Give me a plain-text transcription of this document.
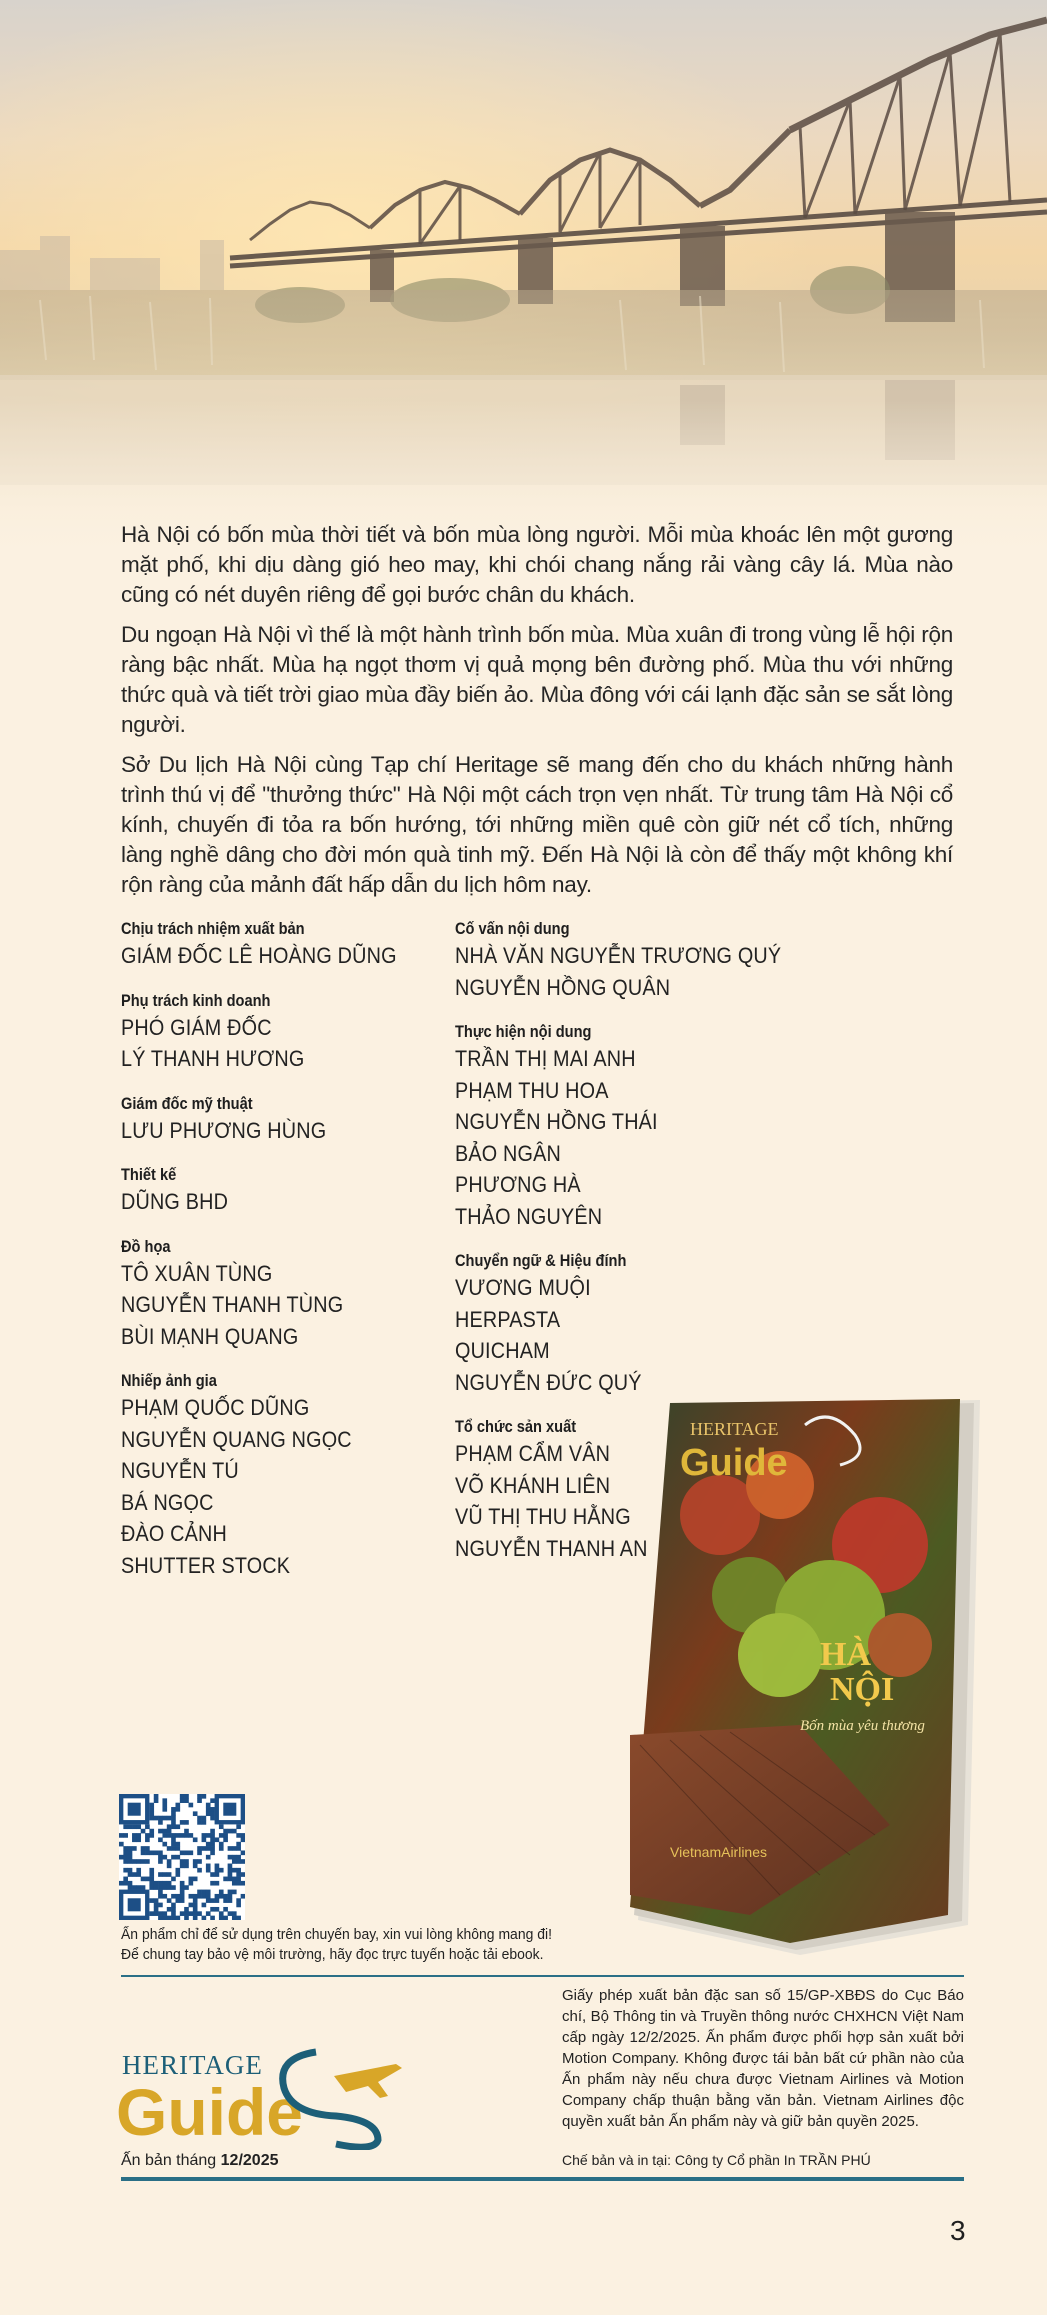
Hà Nội có bốn mùa thời tiết và bốn mùa lòng người. Mỗi mùa khoác lên một gương mặt phố, khi dịu dàng gió heo may, khi chói chang nắng rải vàng cây lá. Mùa nào cũng có nét duyên riêng để gọi bước chân du khách.

Du ngoạn Hà Nội vì thế là một hành trình bốn mùa. Mùa xuân đi trong vùng lễ hội rộn ràng bậc nhất. Mùa hạ ngọt thơm vị quả mọng bên đường phố. Mùa thu với những thức quà và tiết trời giao mùa đầy biến ảo. Mùa đông với cái lạnh đặc sản se sắt lòng người.

Sở Du lịch Hà Nội cùng Tạp chí Heritage sẽ mang đến cho du khách những hành trình thú vị để "thưởng thức" Hà Nội một cách trọn vẹn nhất. Từ trung tâm Hà Nội cổ kính, chuyến đi tỏa ra bốn hướng, tới những miền quê còn giữ nét cổ tích, những làng nghề dâng cho đời món quà tinh mỹ. Đến Hà Nội là còn để thấy một không khí rộn ràng của mảnh đất hấp dẫn du lịch hôm nay.

Chịu trách nhiệm xuất bản
GIÁM ĐỐC LÊ HOÀNG DŨNG
Phụ trách kinh doanh
PHÓ GIÁM ĐỐC
LÝ THANH HƯƠNG
Giám đốc mỹ thuật
LƯU PHƯƠNG HÙNG
Thiết kế
DŨNG BHD
Đồ họa
TÔ XUÂN TÙNG
NGUYỄN THANH TÙNG
BÙI MẠNH QUANG
Nhiếp ảnh gia
PHẠM QUỐC DŨNG
NGUYỄN QUANG NGỌC
NGUYỄN TÚ
BÁ NGỌC
ĐÀO CẢNH
SHUTTER STOCK
Cố vấn nội dung
NHÀ VĂN NGUYỄN TRƯƠNG QUÝ
NGUYỄN HỒNG QUÂN
Thực hiện nội dung
TRẦN THỊ MAI ANH
PHẠM THU HOA
NGUYỄN HỒNG THÁI
BẢO NGÂN
PHƯƠNG HÀ
THẢO NGUYÊN
Chuyển ngữ & Hiệu đính
VƯƠNG MUỘI
HERPASTA
QUICHAM
NGUYỄN ĐỨC QUÝ
Tổ chức sản xuất
PHẠM CẨM VÂN
VÕ KHÁNH LIÊN
VŨ THỊ THU HẰNG
NGUYỄN THANH AN
HERITAGE
Guide
HÀ
NỘI
Bốn mùa yêu thương
VietnamAirlines
Ấn phẩm chỉ để sử dụng trên chuyến bay, xin vui lòng không mang đi!
Để chung tay bảo vệ môi trường, hãy đọc trực tuyến hoặc tải ebook.
HERITAGE
Guide
Ấn bản tháng 12/2025
Giấy phép xuất bản đặc san số 15/GP-XBĐS do Cục Báo chí, Bộ Thông tin và Truyền thông nước CHXHCN Việt Nam cấp ngày 12/2/2025. Ấn phẩm được phối hợp sản xuất bởi Motion Company. Không được tái bản bất cứ phần nào của Ấn phẩm này nếu chưa được Vietnam Airlines và Motion Company chấp thuận bằng văn bản. Vietnam Airlines độc quyền xuất bản Ấn phẩm này và giữ bản quyền 2025.
Chế bản và in tại: Công ty Cổ phần In TRẦN PHÚ
3
